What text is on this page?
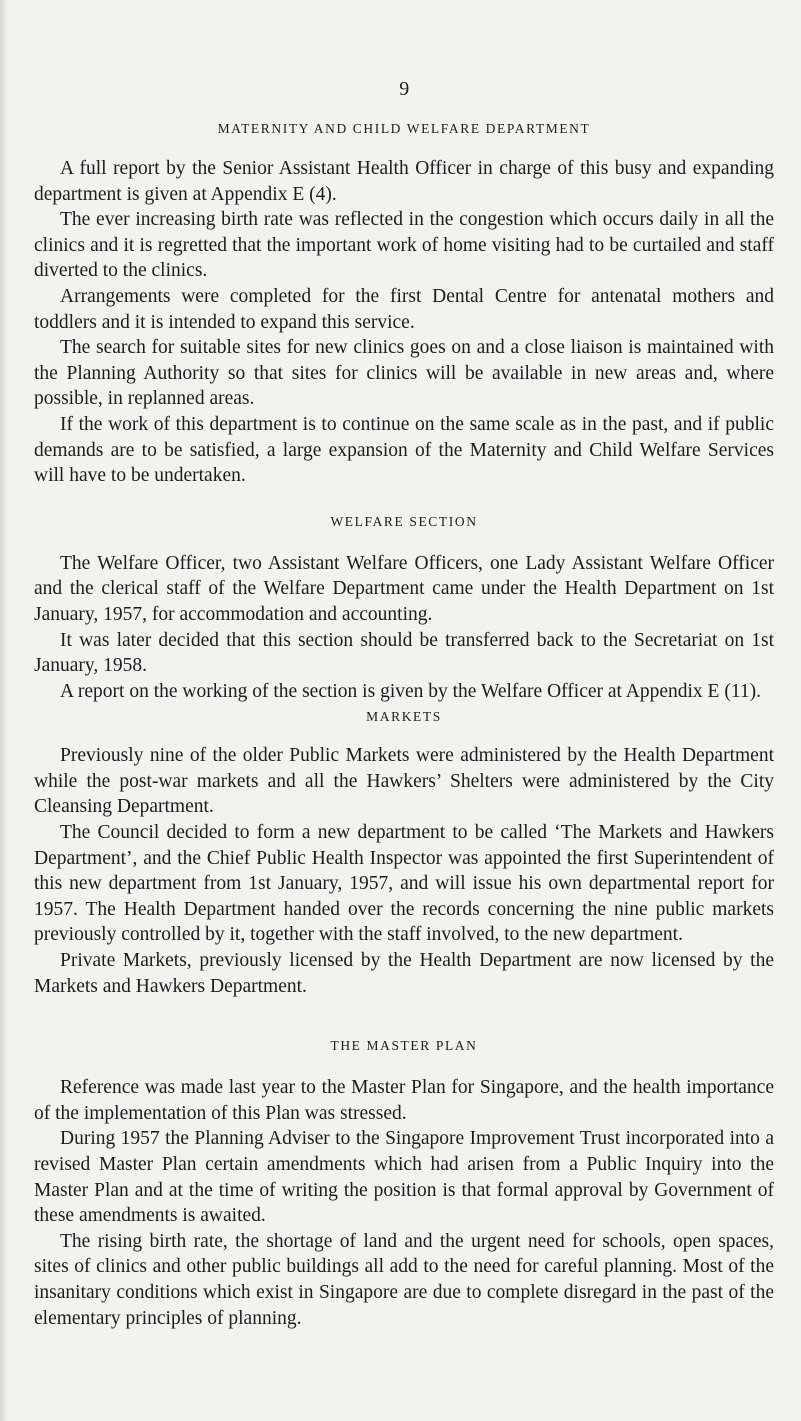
9
MATERNITY AND CHILD WELFARE DEPARTMENT

A full report by the Senior Assistant Health Officer in charge of this busy and expanding department is given at Appendix E (4).

The ever increasing birth rate was reflected in the congestion which occurs daily in all the clinics and it is regretted that the important work of home visiting had to be curtailed and staff diverted to the clinics.

Arrangements were completed for the first Dental Centre for antenatal mothers and toddlers and it is intended to expand this service.

The search for suitable sites for new clinics goes on and a close liaison is maintained with the Planning Authority so that sites for clinics will be available in new areas and, where possible, in replanned areas.

If the work of this department is to continue on the same scale as in the past, and if public demands are to be satisfied, a large expansion of the Maternity and Child Welfare Services will have to be undertaken.

WELFARE SECTION

The Welfare Officer, two Assistant Welfare Officers, one Lady Assistant Welfare Officer and the clerical staff of the Welfare Department came under the Health Department on 1st January, 1957, for accommodation and accounting.

It was later decided that this section should be transferred back to the Secretariat on 1st January, 1958.

A report on the working of the section is given by the Welfare Officer at Appendix E (11).

MARKETS

Previously nine of the older Public Markets were administered by the Health Department while the post-war markets and all the Hawkers’ Shelters were administered by the City Cleansing Department.

The Council decided to form a new department to be called ‘The Markets and Hawkers Department’, and the Chief Public Health Inspector was appointed the first Superintendent of this new department from 1st January, 1957, and will issue his own departmental report for 1957. The Health Department handed over the records concerning the nine public markets previously controlled by it, together with the staff involved, to the new department.

Private Markets, previously licensed by the Health Department are now licensed by the Markets and Hawkers Department.

THE MASTER PLAN

Reference was made last year to the Master Plan for Singapore, and the health importance of the implementation of this Plan was stressed.

During 1957 the Planning Adviser to the Singapore Improvement Trust incorporated into a revised Master Plan certain amendments which had arisen from a Public Inquiry into the Master Plan and at the time of writing the position is that formal approval by Government of these amendments is awaited.

The rising birth rate, the shortage of land and the urgent need for schools, open spaces, sites of clinics and other public buildings all add to the need for careful planning. Most of the insanitary conditions which exist in Singapore are due to complete disregard in the past of the elementary principles of planning.
